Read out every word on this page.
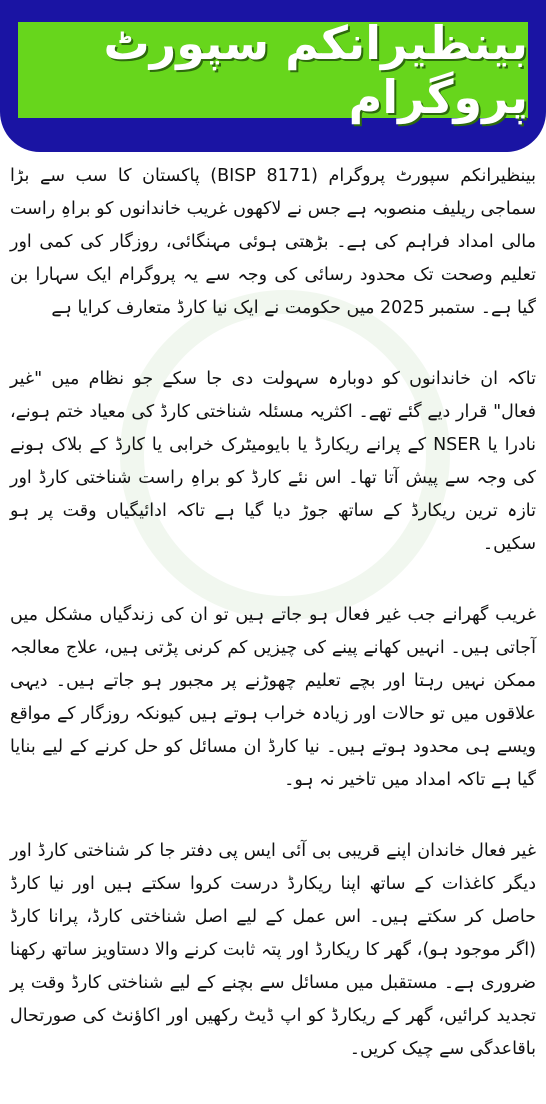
بینظیرانکم سپورٹ پروگرام

بینظیرانکم سپورٹ پروگرام (BISP 8171) پاکستان کا سب سے بڑا سماجی ریلیف منصوبہ ہے جس نے لاکھوں غریب خاندانوں کو براہِ راست مالی امداد فراہم کی ہے۔ بڑھتی ہوئی مہنگائی، روزگار کی کمی اور تعلیم وصحت تک محدود رسائی کی وجہ سے یہ پروگرام ایک سہارا بن گیا ہے۔ ستمبر 2025 میں حکومت نے ایک نیا کارڈ متعارف کرایا ہے

تاکہ ان خاندانوں کو دوبارہ سہولت دی جا سکے جو نظام میں "غیر فعال" قرار دیے گئے تھے۔ اکثریہ مسئلہ شناختی کارڈ کی معیاد ختم ہونے، نادرا یا NSER کے پرانے ریکارڈ یا بایومیٹرک خرابی یا کارڈ کے بلاک ہونے کی وجہ سے پیش آتا تھا۔ اس نئے کارڈ کو براہِ راست شناختی کارڈ اور تازہ ترین ریکارڈ کے ساتھ جوڑ دیا گیا ہے تاکہ ادائیگیاں وقت پر ہو سکیں۔

غریب گھرانے جب غیر فعال ہو جاتے ہیں تو ان کی زندگیاں مشکل میں آجاتی ہیں۔ انہیں کھانے پینے کی چیزیں کم کرنی پڑتی ہیں، علاج معالجہ ممکن نہیں رہتا اور بچے تعلیم چھوڑنے پر مجبور ہو جاتے ہیں۔ دیہی علاقوں میں تو حالات اور زیادہ خراب ہوتے ہیں کیونکہ روزگار کے مواقع ویسے ہی محدود ہوتے ہیں۔ نیا کارڈ ان مسائل کو حل کرنے کے لیے بنایا گیا ہے تاکہ امداد میں تاخیر نہ ہو۔

غیر فعال خاندان اپنے قریبی بی آئی ایس پی دفتر جا کر شناختی کارڈ اور دیگر کاغذات کے ساتھ اپنا ریکارڈ درست کروا سکتے ہیں اور نیا کارڈ حاصل کر سکتے ہیں۔ اس عمل کے لیے اصل شناختی کارڈ، پرانا کارڈ (اگر موجود ہو)، گھر کا ریکارڈ اور پتہ ثابت کرنے والا دستاویز ساتھ رکھنا ضروری ہے۔ مستقبل میں مسائل سے بچنے کے لیے شناختی کارڈ وقت پر تجدید کرائیں، گھر کے ریکارڈ کو اپ ڈیٹ رکھیں اور اکاؤنٹ کی صورتحال باقاعدگی سے چیک کریں۔
